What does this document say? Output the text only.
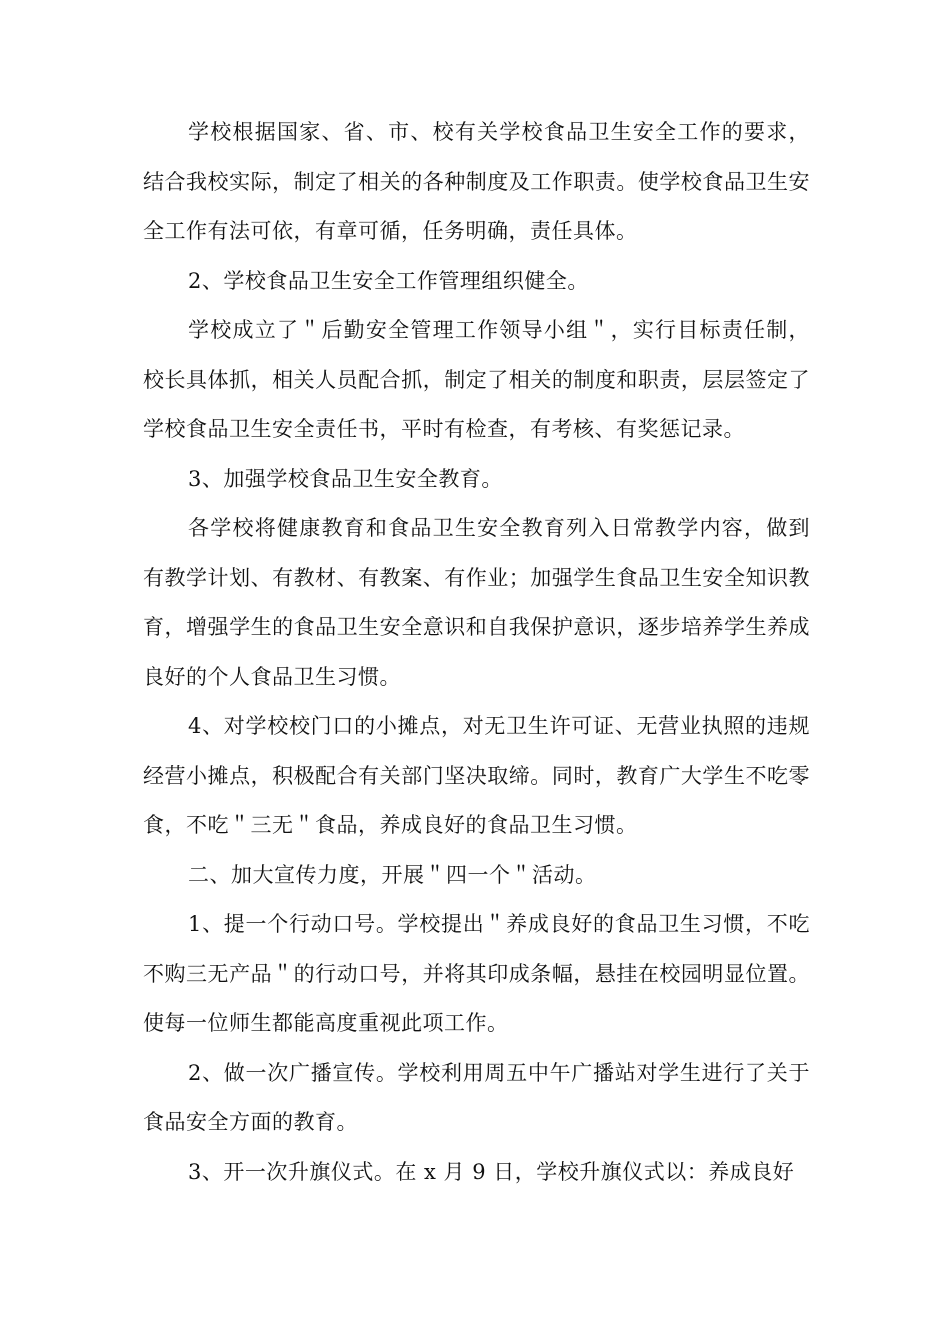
学校根据国家、省、市、校有关学校食品卫生安全工作的要求，结合我校实际，制定了相关的各种制度及工作职责。使学校食品卫生安全工作有法可依，有章可循，任务明确，责任具体。

2、学校食品卫生安全工作管理组织健全。

学校成立了＂后勤安全管理工作领导小组＂，实行目标责任制，校长具体抓，相关人员配合抓，制定了相关的制度和职责，层层签定了学校食品卫生安全责任书，平时有检查，有考核、有奖惩记录。

3、加强学校食品卫生安全教育。

各学校将健康教育和食品卫生安全教育列入日常教学内容，做到有教学计划、有教材、有教案、有作业；加强学生食品卫生安全知识教育，增强学生的食品卫生安全意识和自我保护意识，逐步培养学生养成良好的个人食品卫生习惯。

4、对学校校门口的小摊点，对无卫生许可证、无营业执照的违规经营小摊点，积极配合有关部门坚决取缔。同时，教育广大学生不吃零食，不吃＂三无＂食品，养成良好的食品卫生习惯。

二、加大宣传力度，开展＂四一个＂活动。

1、提一个行动口号。学校提出＂养成良好的食品卫生习惯，不吃不购三无产品＂的行动口号，并将其印成条幅，悬挂在校园明显位置。使每一位师生都能高度重视此项工作。

2、做一次广播宣传。学校利用周五中午广播站对学生进行了关于食品安全方面的教育。

3、开一次升旗仪式。在 x 月 9 日，学校升旗仪式以：养成良好
